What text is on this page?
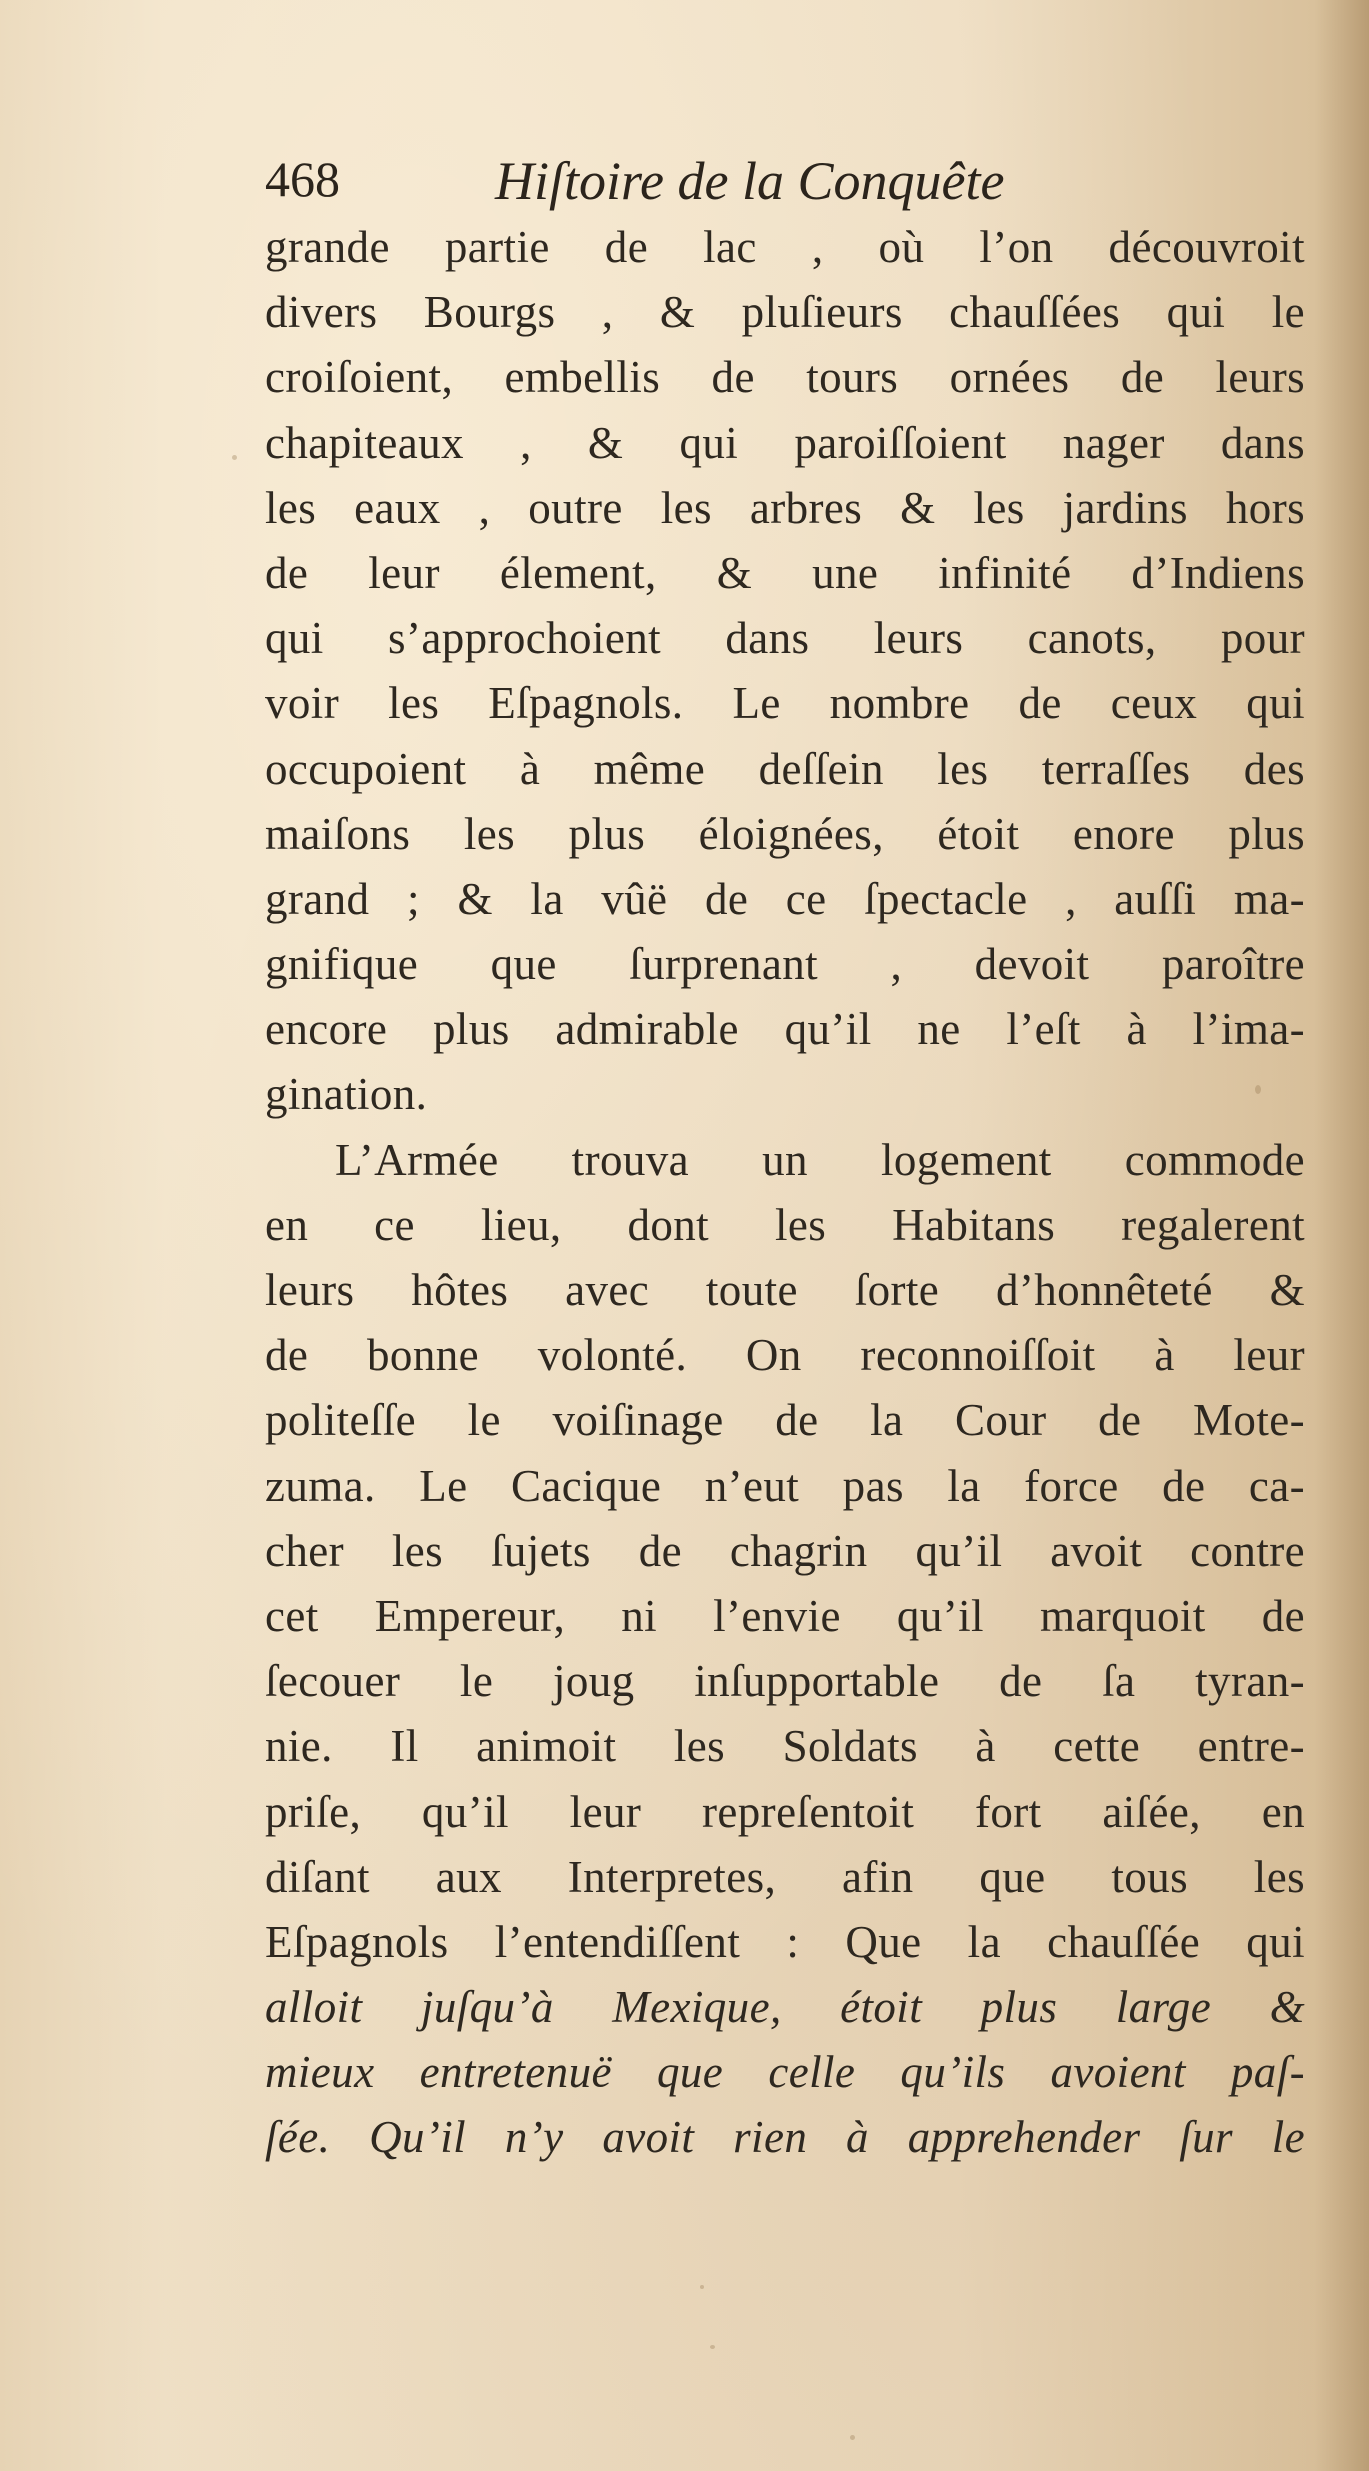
468	Hiſtoire de la Conquête
grande partie de lac , où l’on découvroit
divers Bourgs , & pluſieurs chauſſées qui le
croiſoient, embellis de tours ornées de leurs
chapiteaux , & qui paroiſſoient nager dans
les eaux , outre les arbres & les jardins hors
de leur élement, & une infinité d’Indiens
qui s’approchoient dans leurs canots, pour
voir les Eſpagnols. Le nombre de ceux qui
occupoient à même deſſein les terraſſes des
maiſons les plus éloignées, étoit enore plus
grand ; & la vûë de ce ſpectacle , auſſi ma-
gnifique que ſurprenant , devoit paroître
encore plus admirable qu’il ne l’eſt à l’ima-
gination.
L’Armée trouva un logement commode
en ce lieu, dont les Habitans regalerent
leurs hôtes avec toute ſorte d’honnêteté &
de bonne volonté. On reconnoiſſoit à leur
politeſſe le voiſinage de la Cour de Mote-
zuma. Le Cacique n’eut pas la force de ca-
cher les ſujets de chagrin qu’il avoit contre
cet Empereur, ni l’envie qu’il marquoit de
ſecouer le joug inſupportable de ſa tyran-
nie. Il animoit les Soldats à cette entre-
priſe, qu’il leur repreſentoit fort aiſée, en
diſant aux Interpretes, afin que tous les
Eſpagnols l’entendiſſent : Que la chauſſée qui
alloit juſqu’à Mexique, étoit plus large &
mieux entretenuë que celle qu’ils avoient paſ-
ſée. Qu’il n’y avoit rien à apprehender ſur le
